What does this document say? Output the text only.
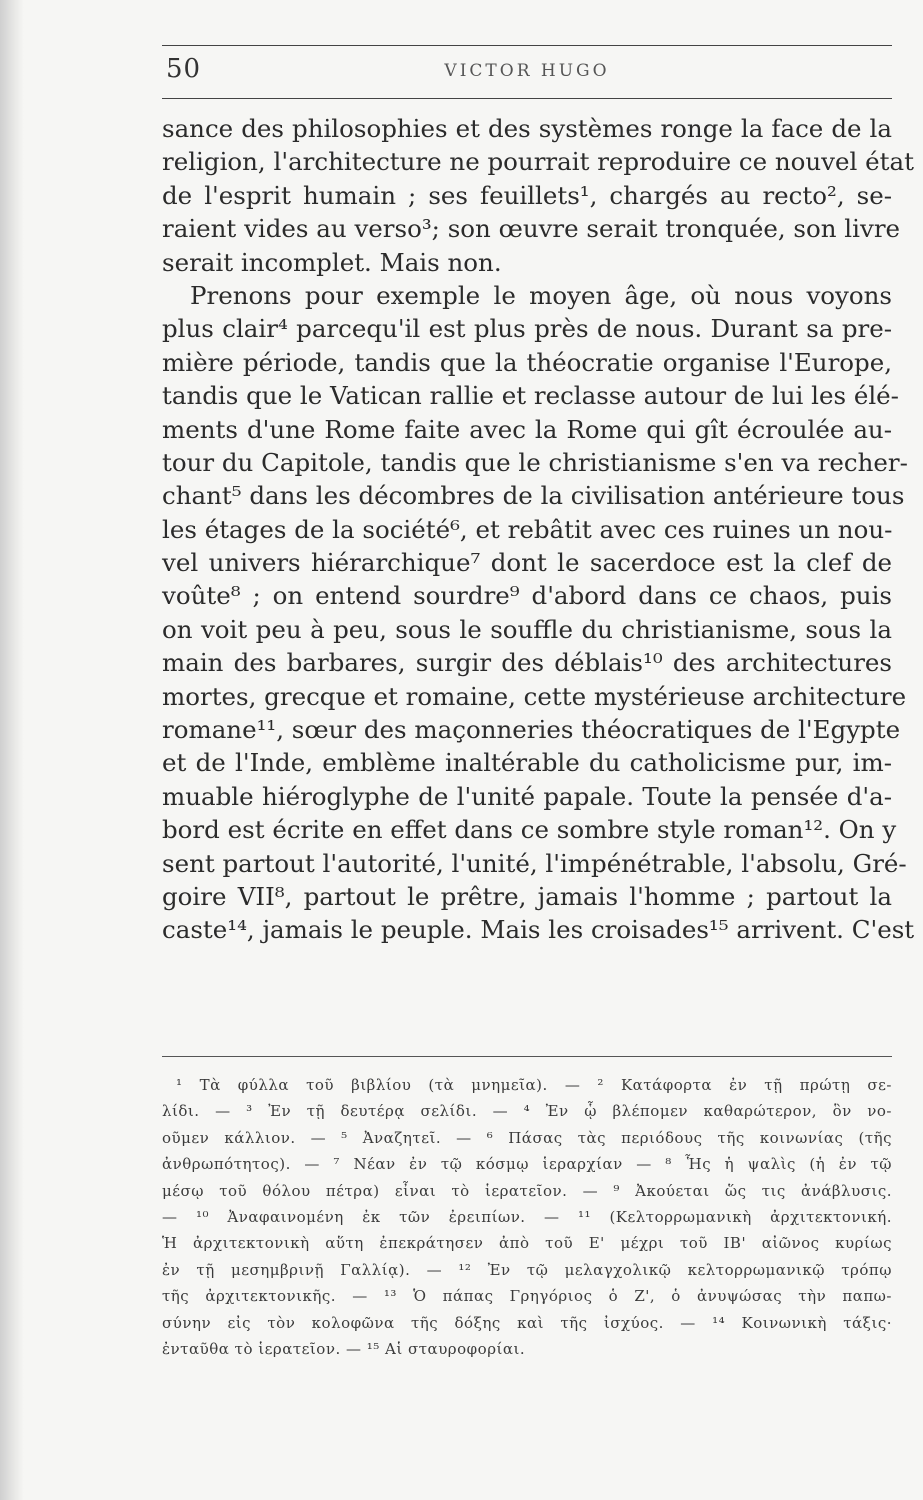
50	VICTOR HUGO
sance des philosophies et des systèmes ronge la face de la
religion, l'architecture ne pourrait reproduire ce nouvel état
de l'esprit humain ; ses feuillets¹, chargés au recto², se-
raient vides au verso³; son œuvre serait tronquée, son livre
serait incomplet. Mais non.
Prenons pour exemple le moyen âge, où nous voyons
plus clair⁴ parcequ'il est plus près de nous. Durant sa pre-
mière période, tandis que la théocratie organise l'Europe,
tandis que le Vatican rallie et reclasse autour de lui les élé-
ments d'une Rome faite avec la Rome qui gît écroulée au-
tour du Capitole, tandis que le christianisme s'en va recher-
chant⁵ dans les décombres de la civilisation antérieure tous
les étages de la société⁶, et rebâtit avec ces ruines un nou-
vel univers hiérarchique⁷ dont le sacerdoce est la clef de
voûte⁸ ; on entend sourdre⁹ d'abord dans ce chaos, puis
on voit peu à peu, sous le souffle du christianisme, sous la
main des barbares, surgir des déblais¹⁰ des architectures
mortes, grecque et romaine, cette mystérieuse architecture
romane¹¹, sœur des maçonneries théocratiques de l'Egypte
et de l'Inde, emblème inaltérable du catholicisme pur, im-
muable hiéroglyphe de l'unité papale. Toute la pensée d'a-
bord est écrite en effet dans ce sombre style roman¹². On y
sent partout l'autorité, l'unité, l'impénétrable, l'absolu, Gré-
goire VII⁸, partout le prêtre, jamais l'homme ; partout la
caste¹⁴, jamais le peuple. Mais les croisades¹⁵ arrivent. C'est
¹ Τὰ φύλλα τοῦ βιβλίου (τὰ μνημεῖα). — ² Κατάφορτα ἐν τῇ πρώτῃ σε-
λίδι. — ³ Ἐν τῇ δευτέρᾳ σελίδι. — ⁴ Ἐν ᾧ βλέπομεν καθαρώτερον, ὃν νο-
οῦμεν κάλλιον. — ⁵ Ἀναζητεῖ. — ⁶ Πάσας τὰς περιόδους τῆς κοινωνίας (τῆς
ἀνθρωπότητος). — ⁷ Νέαν ἐν τῷ κόσμῳ ἱεραρχίαν — ⁸ Ἧς ἡ ψαλὶς (ἡ ἐν τῷ
μέσῳ τοῦ θόλου πέτρα) εἶναι τὸ ἱερατεῖον. — ⁹ Ἀκούεται ὥς τις ἀνάβλυσις.
— ¹⁰ Ἀναφαινομένη ἐκ τῶν ἐρειπίων. — ¹¹ (Κελτορρωμανικὴ ἀρχιτεκτονική.
Ἡ ἀρχιτεκτονικὴ αὕτη ἐπεκράτησεν ἀπὸ τοῦ Ε' μέχρι τοῦ ΙΒ' αἰῶνος κυρίως
ἐν τῇ μεσημβρινῇ Γαλλίᾳ). — ¹² Ἐν τῷ μελαγχολικῷ κελτορρωμανικῷ τρόπῳ
τῆς ἀρχιτεκτονικῆς. — ¹³ Ὁ πάπας Γρηγόριος ὁ Ζ', ὁ ἀνυψώσας τὴν παπω-
σύνην εἰς τὸν κολοφῶνα τῆς δόξης καὶ τῆς ἰσχύος. — ¹⁴ Κοινωνικὴ τάξις·
ἐνταῦθα τὸ ἱερατεῖον. — ¹⁵ Αἱ σταυροφορίαι.
